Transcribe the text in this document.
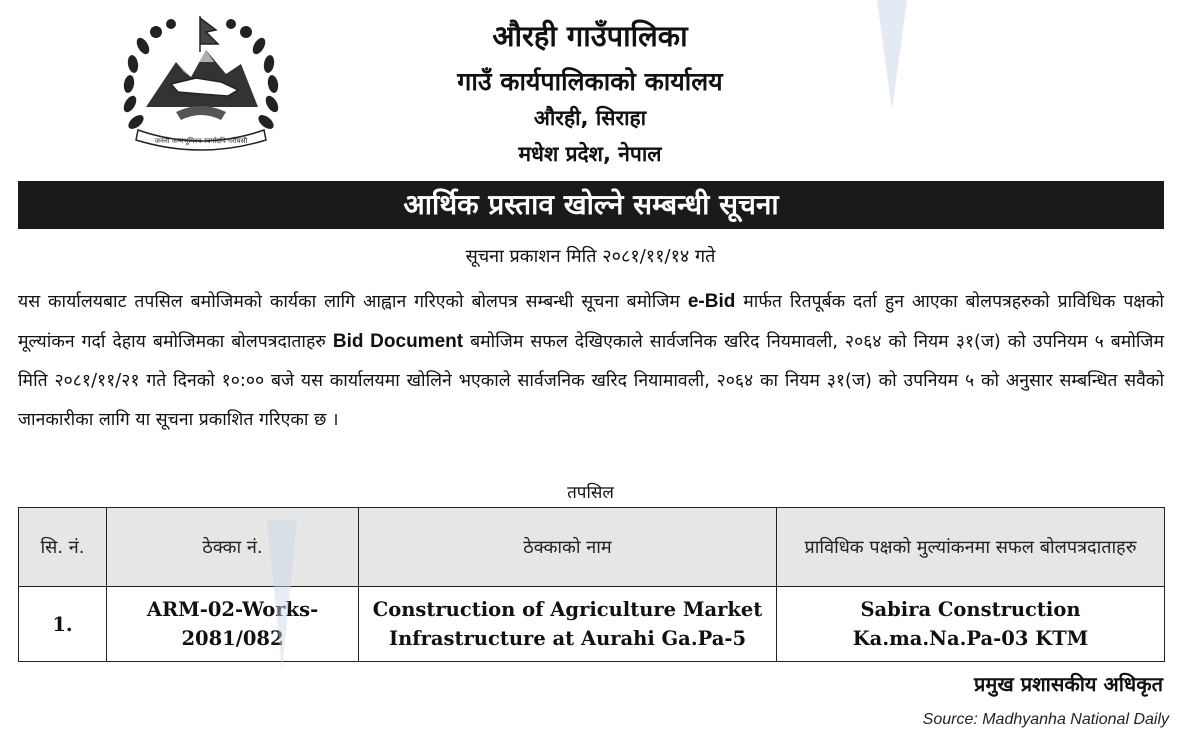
जननी जन्मभूमिश्च स्वर्गादपि गरीयसी
औरही गाउँपालिका
गाउँ कार्यपालिकाको कार्यालय
औरही, सिराहा
मधेश प्रदेश, नेपाल
आर्थिक प्रस्ताव खोल्ने सम्बन्धी सूचना
सूचना प्रकाशन मिति २०८१/११/१४ गते
यस कार्यालयबाट तपसिल बमोजिमको कार्यका लागि आह्वान गरिएको बोलपत्र सम्बन्धी सूचना बमोजिम e-Bid मार्फत रितपूर्बक दर्ता हुन आएका बोलपत्रहरुको प्राविधिक पक्षको मूल्यांकन गर्दा देहाय बमोजिमका बोलपत्रदाताहरु Bid Document बमोजिम सफल देखिएकाले सार्वजनिक खरिद नियमावली, २०६४ को नियम ३१(ज) को उपनियम ५ बमोजिम मिति २०८१/११/२१ गते दिनको १०:०० बजे यस कार्यालयमा खोलिने भएकाले सार्वजनिक खरिद नियामावली, २०६४ का नियम ३१(ज) को उपनियम ५ को अनुसार सम्बन्धित सवैको जानकारीका लागि या सूचना प्रकाशित गरिएका छ ।
तपसिल
सि. नं.	ठेक्का नं.	ठेक्काको नाम	प्राविधिक पक्षको मुल्यांकनमा सफल बोलपत्रदाताहरु
1.	ARM-02-Works-2081/082	Construction of Agriculture Market Infrastructure at Aurahi Ga.Pa-5	Sabira Construction Ka.ma.Na.Pa-03 KTM
प्रमुख प्रशासकीय अधिकृत
Source: Madhyanha National Daily
